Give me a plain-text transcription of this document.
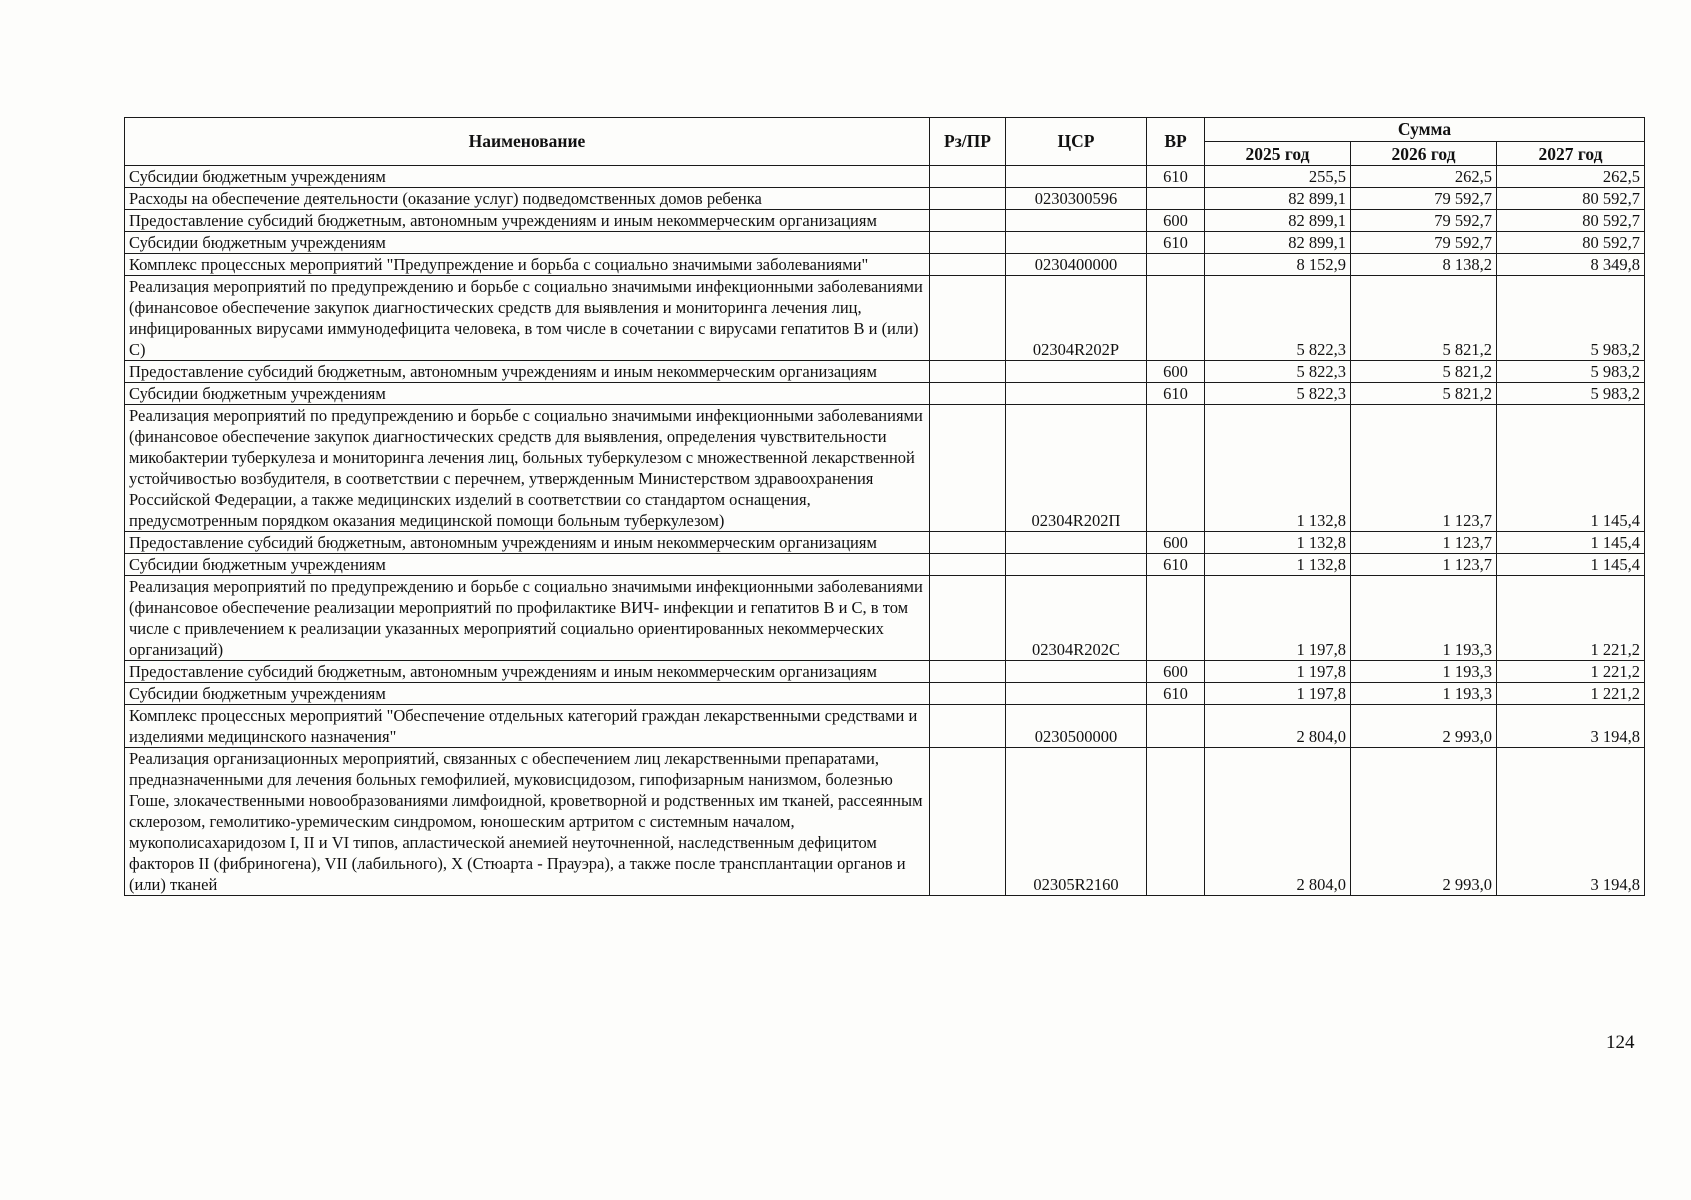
Наименование	Рз/ПР	ЦСР	ВР	Сумма		
				2025 год	2026 год	2027 год
Субсидии бюджетным учреждениям			610	255,5	262,5	262,5
Расходы на обеспечение деятельности (оказание услуг) подведомственных домов ребенка		0230300596		82 899,1	79 592,7	80 592,7
Предоставление субсидий бюджетным, автономным учреждениям и иным некоммерческим организациям			600	82 899,1	79 592,7	80 592,7
Субсидии бюджетным учреждениям			610	82 899,1	79 592,7	80 592,7
Комплекс процессных мероприятий "Предупреждение и борьба с социально значимыми заболеваниями"		0230400000		8 152,9	8 138,2	8 349,8
Реализация мероприятий по предупреждению и борьбе с социально значимыми инфекционными заболеваниями (финансовое обеспечение закупок диагностических средств для выявления и мониторинга лечения лиц, инфицированных вирусами иммунодефицита человека, в том числе в сочетании с вирусами гепатитов B и (или) C)		02304R202Р		5 822,3	5 821,2	5 983,2
Предоставление субсидий бюджетным, автономным учреждениям и иным некоммерческим организациям			600	5 822,3	5 821,2	5 983,2
Субсидии бюджетным учреждениям			610	5 822,3	5 821,2	5 983,2
Реализация мероприятий по предупреждению и борьбе с социально значимыми инфекционными заболеваниями (финансовое обеспечение закупок диагностических средств для выявления, определения чувствительности микобактерии туберкулеза и мониторинга лечения лиц, больных туберкулезом с множественной лекарственной устойчивостью возбудителя, в соответствии с перечнем, утвержденным Министерством здравоохранения Российской Федерации, а также медицинских изделий в соответствии со стандартом оснащения, предусмотренным порядком оказания медицинской помощи больным туберкулезом)		02304R202П		1 132,8	1 123,7	1 145,4
Предоставление субсидий бюджетным, автономным учреждениям и иным некоммерческим организациям			600	1 132,8	1 123,7	1 145,4
Субсидии бюджетным учреждениям			610	1 132,8	1 123,7	1 145,4
Реализация мероприятий по предупреждению и борьбе с социально значимыми инфекционными заболеваниями (финансовое обеспечение реализации мероприятий по профилактике ВИЧ- инфекции и гепатитов B и C, в том числе с привлечением к реализации указанных мероприятий социально ориентированных некоммерческих организаций)		02304R202С		1 197,8	1 193,3	1 221,2
Предоставление субсидий бюджетным, автономным учреждениям и иным некоммерческим организациям			600	1 197,8	1 193,3	1 221,2
Субсидии бюджетным учреждениям			610	1 197,8	1 193,3	1 221,2
Комплекс процессных мероприятий "Обеспечение отдельных категорий граждан лекарственными средствами и изделиями медицинского назначения"		0230500000		2 804,0	2 993,0	3 194,8
Реализация организационных мероприятий, связанных с обеспечением лиц лекарственными препаратами, предназначенными для лечения больных гемофилией, муковисцидозом, гипофизарным нанизмом, болезнью Гоше, злокачественными новообразованиями лимфоидной, кроветворной и родственных им тканей, рассеянным склерозом, гемолитико-уремическим синдромом, юношеским артритом с системным началом, мукополисахаридозом I, II и VI типов, апластической анемией неуточненной, наследственным дефицитом факторов II (фибриногена), VII (лабильного), X (Стюарта - Прауэра), а также после трансплантации органов и (или) тканей		02305R2160		2 804,0	2 993,0	3 194,8
124
